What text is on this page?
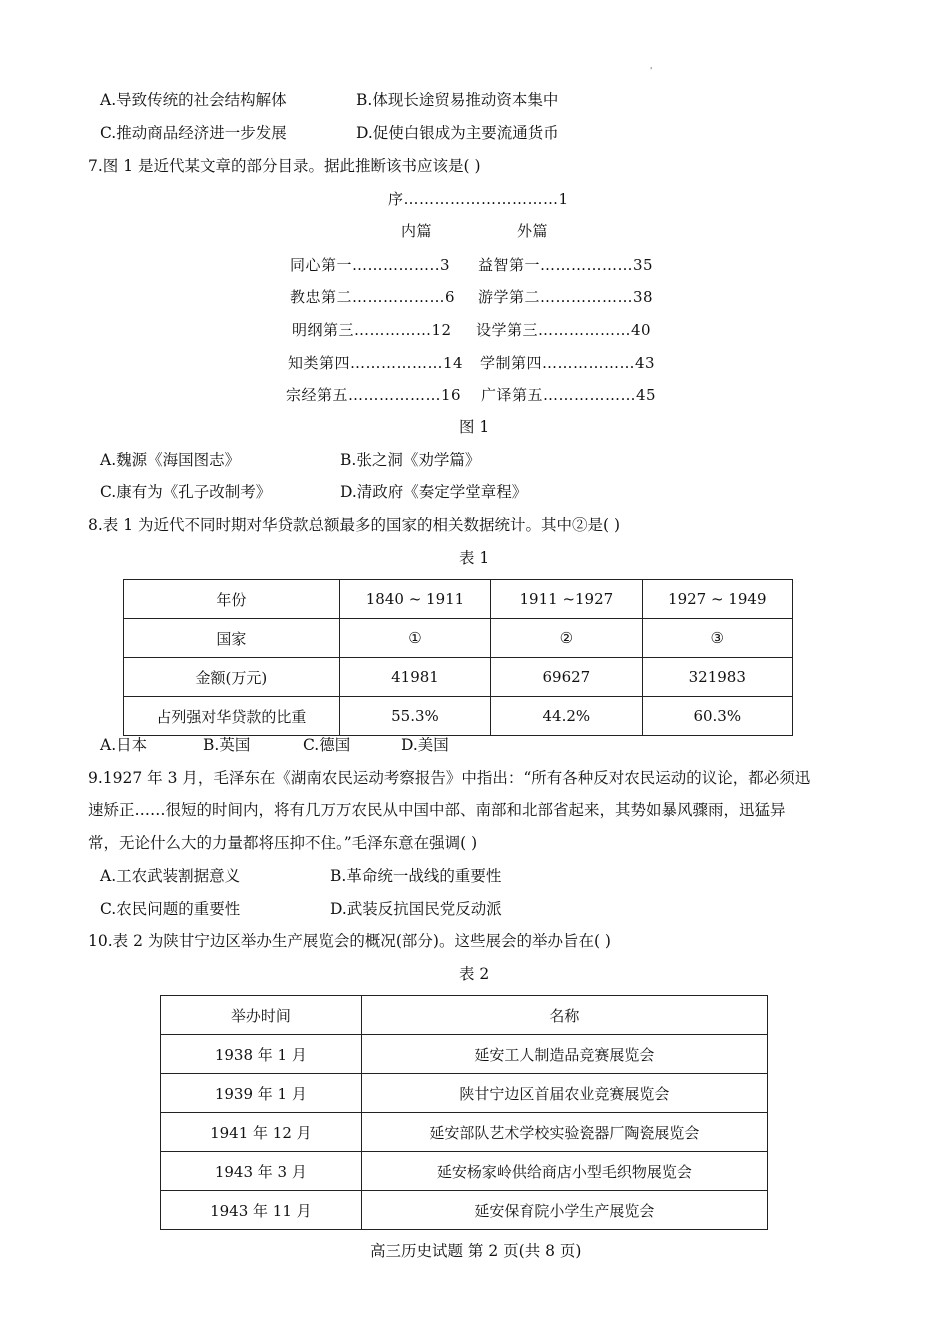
'
A.导致传统的社会结构解体	B.体现长途贸易推动资本集中
C.推动商品经济进一步发展	D.促使白银成为主要流通货币
7.图 1 是近代某文章的部分目录。据此推断该书应该是( )
序…………………………1
内篇	外篇
同心第一……………..3 益智第一………………35
教忠第二………………6 游学第二………………38
明纲第三……………12 设学第三………………40
知类第四………………14 学制第四………………43
宗经第五………………16 广译第五………………45
图 1
A.魏源《海国图志》	B.张之洞《劝学篇》
C.康有为《孔子改制考》	D.清政府《奏定学堂章程》
8.表 1 为近代不同时期对华贷款总额最多的国家的相关数据统计。其中②是( )
表 1
年份	1840 ~ 1911	1911 ~1927	1927 ~ 1949
国家	①	②	③
金额(万元)	41981	69627	321983
占列强对华贷款的比重	55.3%	44.2%	60.3%
A.日本	B.英国	C.德国	D.美国
9.1927 年 3 月，毛泽东在《湖南农民运动考察报告》中指出：“所有各种反对农民运动的议论，都必须迅
速矫正……很短的时间内，将有几万万农民从中国中部、南部和北部省起来，其势如暴风骤雨，迅猛异
常，无论什么大的力量都将压抑不住。”毛泽东意在强调( )
A.工农武装割据意义	B.革命统一战线的重要性
C.农民问题的重要性	D.武装反抗国民党反动派
10.表 2 为陕甘宁边区举办生产展览会的概况(部分)。这些展会的举办旨在( )
表 2
举办时间	名称
1938 年 1 月	延安工人制造品竞赛展览会
1939 年 1 月	陕甘宁边区首届农业竞赛展览会
1941 年 12 月	延安部队艺术学校实验瓷器厂陶瓷展览会
1943 年 3 月	延安杨家岭供给商店小型毛织物展览会
1943 年 11 月	延安保育院小学生产展览会
高三历史试题 第 2 页(共 8 页)
